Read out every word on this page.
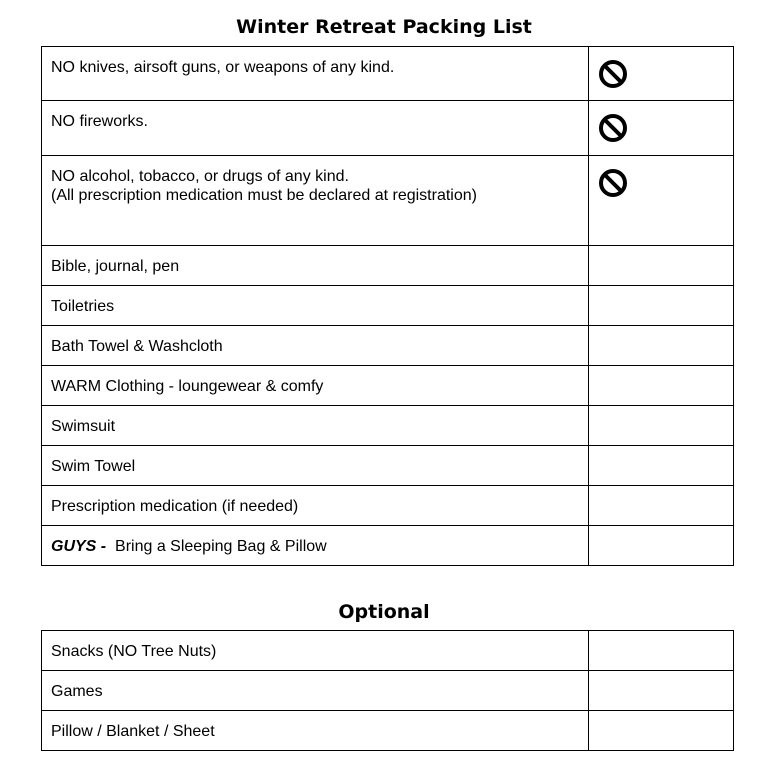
Winter Retreat Packing List
NO knives, airsoft guns, or weapons of any kind.

NO fireworks.

NO alcohol, tobacco, or drugs of any kind.
(All prescription medication must be declared at registration)

Bible, journal, pen	

Toiletries	

Bath Towel & Washcloth	

WARM Clothing - loungewear & comfy	

Swimsuit	

Swim Towel	

Prescription medication (if needed)	

GUYS - Bring a Sleeping Bag & Pillow	
Optional
Snacks (NO Tree Nuts)	

Games	

Pillow / Blanket / Sheet	
